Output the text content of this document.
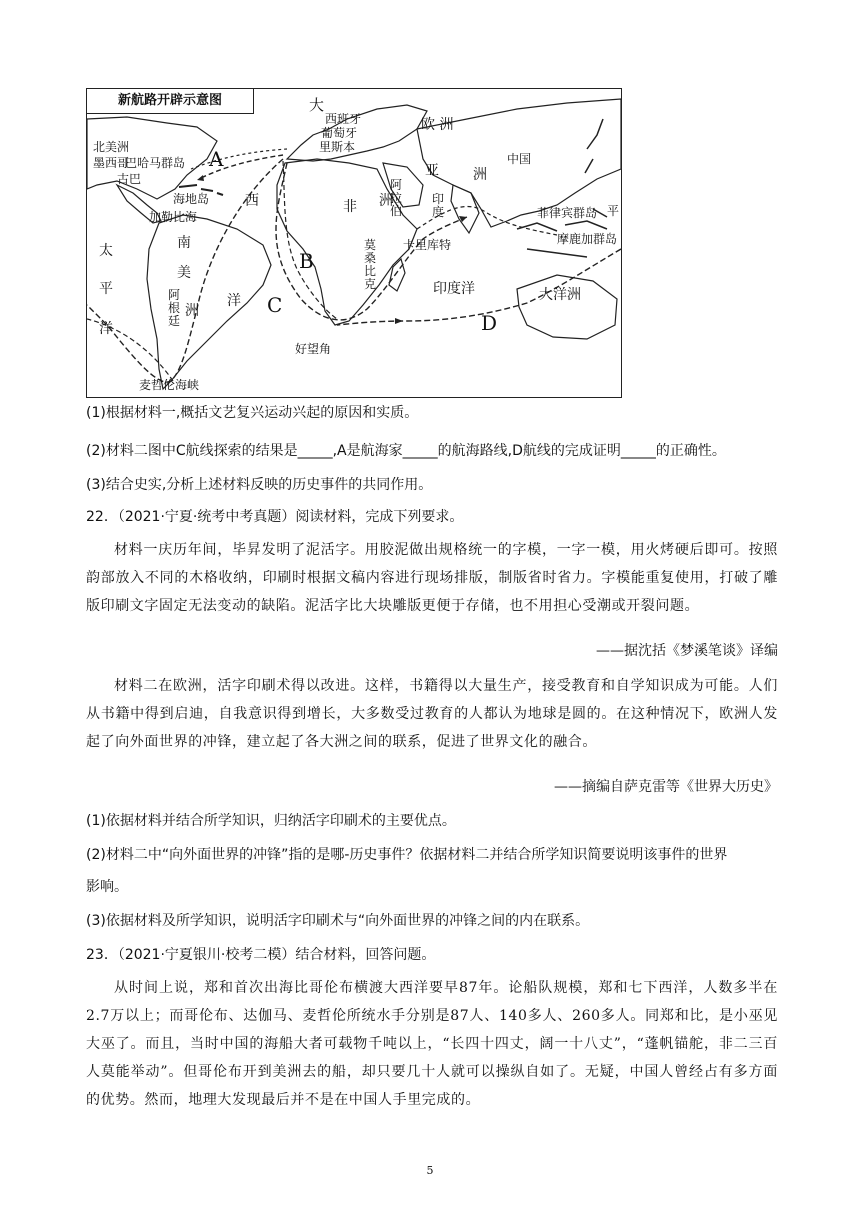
新航路开辟示意图	大
西班牙
葡萄牙
里斯本
欧 洲
北美洲
巴哈马群岛
墨西哥
古巴
海地岛	西
加勒比海
A
太
平
洋
南
美
洲
阿根廷
洋 C
B
非 洲
阿拉伯
亚
印度
卡里库特
洲
中国
菲律宾群岛
摩鹿加群岛
平
莫桑比克	印度洋	大洋洲
D
好望角
麦哲伦海峡
(1)根据材料一,概括文艺复兴运动兴起的原因和实质。
(2)材料二图中C航线探索的结果是_____,A是航海家_____的航海路线,D航线的完成证明_____的正确性。
(3)结合史实,分析上述材料反映的历史事件的共同作用。
22．（2021·宁夏·统考中考真题）阅读材料，完成下列要求。
材料一庆历年间，毕昇发明了泥活字。用胶泥做出规格统一的字模，一字一模，用火烤硬后即可。按照韵部放入不同的木格收纳，印刷时根据文稿内容进行现场排版，制版省时省力。字模能重复使用，打破了雕版印刷文字固定无法变动的缺陷。泥活字比大块雕版更便于存储，也不用担心受潮或开裂问题。
——据沈括《梦溪笔谈》译编
材料二在欧洲，活字印刷术得以改进。这样，书籍得以大量生产，接受教育和自学知识成为可能。人们从书籍中得到启迪，自我意识得到增长，大多数受过教育的人都认为地球是圆的。在这种情况下，欧洲人发起了向外面世界的冲锋，建立起了各大洲之间的联系，促进了世界文化的融合。
——摘编自萨克雷等《世界大历史》
(1)依据材料并结合所学知识，归纳活字印刷术的主要优点。
(2)材料二中“向外面世界的冲锋”指的是哪-历史事件？依据材料二并结合所学知识简要说明该事件的世界
影响。
(3)依据材料及所学知识，说明活字印刷术与“向外面世界的冲锋之间的内在联系。
23．（2021·宁夏银川·校考二模）结合材料，回答问题。
从时间上说，郑和首次出海比哥伦布横渡大西洋要早87年。论船队规模，郑和七下西洋，人数多半在2.7万以上；而哥伦布、达伽马、麦哲伦所统水手分别是87人、140多人、260多人。同郑和比，是小巫见大巫了。而且，当时中国的海船大者可载物千吨以上，“长四十四丈，阔一十八丈”，“蓬帆锚舵，非二三百人莫能举动”。但哥伦布开到美洲去的船，却只要几十人就可以操纵自如了。无疑，中国人曾经占有多方面的优势。然而，地理大发现最后并不是在中国人手里完成的。
5
